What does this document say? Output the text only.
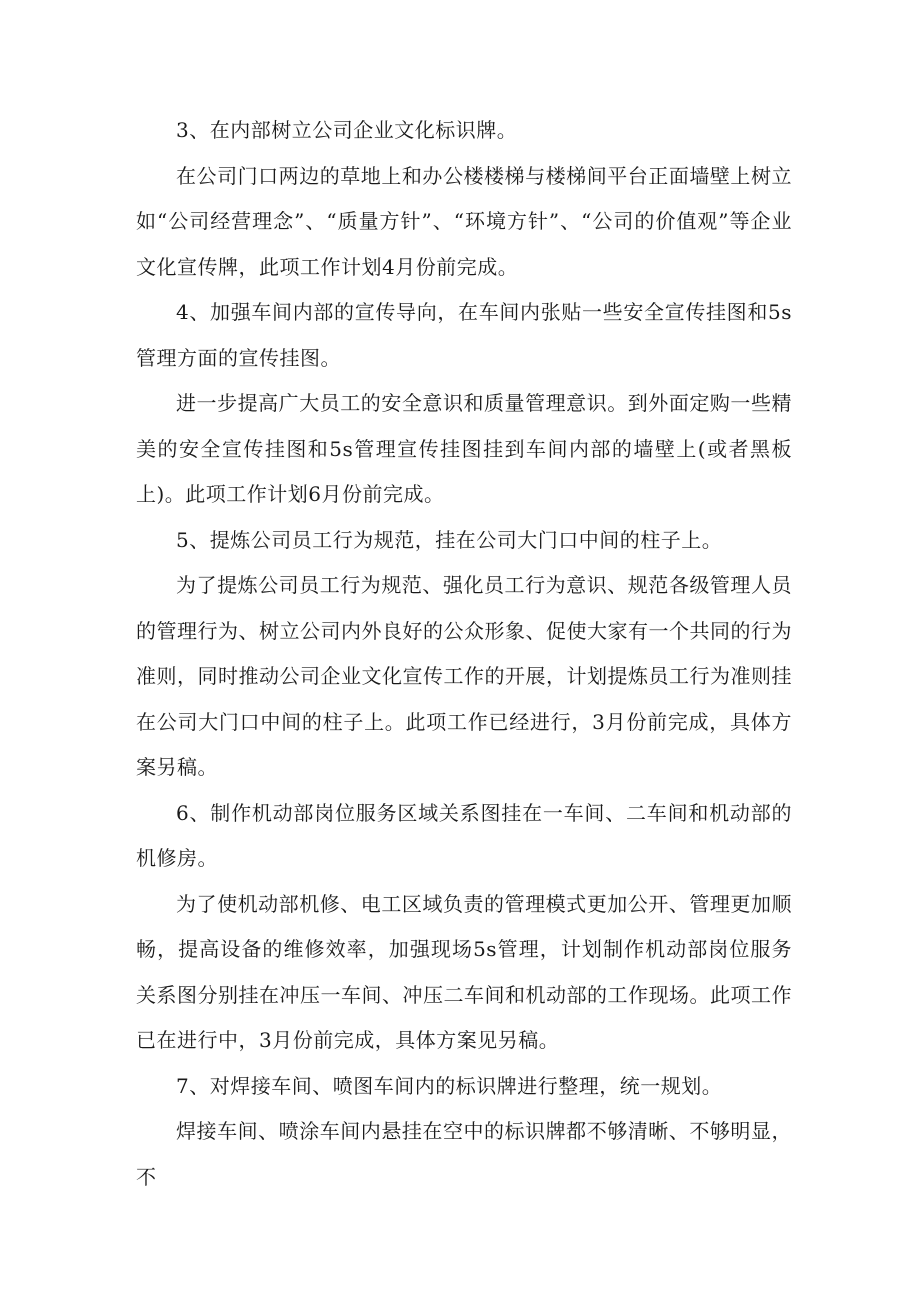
3、在内部树立公司企业文化标识牌。

在公司门口两边的草地上和办公楼楼梯与楼梯间平台正面墙壁上树立如“公司经营理念”、“质量方针”、“环境方针”、“公司的价值观”等企业文化宣传牌，此项工作计划4月份前完成。

4、加强车间内部的宣传导向，在车间内张贴一些安全宣传挂图和5s管理方面的宣传挂图。

进一步提高广大员工的安全意识和质量管理意识。到外面定购一些精美的安全宣传挂图和5s管理宣传挂图挂到车间内部的墙壁上(或者黑板上)。此项工作计划6月份前完成。

5、提炼公司员工行为规范，挂在公司大门口中间的柱子上。

为了提炼公司员工行为规范、强化员工行为意识、规范各级管理人员的管理行为、树立公司内外良好的公众形象、促使大家有一个共同的行为准则，同时推动公司企业文化宣传工作的开展，计划提炼员工行为准则挂在公司大门口中间的柱子上。此项工作已经进行，3月份前完成，具体方案另稿。

6、制作机动部岗位服务区域关系图挂在一车间、二车间和机动部的机修房。

为了使机动部机修、电工区域负责的管理模式更加公开、管理更加顺畅，提高设备的维修效率，加强现场5s管理，计划制作机动部岗位服务关系图分别挂在冲压一车间、冲压二车间和机动部的工作现场。此项工作已在进行中，3月份前完成，具体方案见另稿。

7、对焊接车间、喷图车间内的标识牌进行整理，统一规划。

焊接车间、喷涂车间内悬挂在空中的标识牌都不够清晰、不够明显，不
